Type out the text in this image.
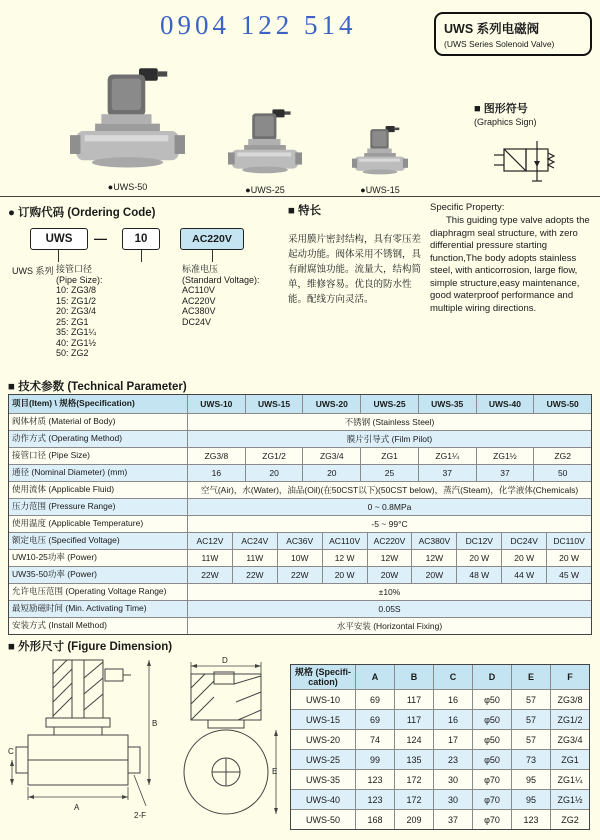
0904 122 514	UWS 系列电磁阀
(UWS Series Solenoid Valve)
●UWS-50	●UWS-25	●UWS-15
■ 图形符号
(Graphics Sign)
● 订购代码 (Ordering Code)
UWS	—	10	AC220V
UWS 系列 接管口径
(Pipe Size):
10: ZG3/8
15: ZG1/2
20: ZG3/4
25: ZG1
35: ZG1¼
40: ZG1½
50: ZG2
标准电压
(Standard Voltage):
AC110V
AC220V
AC380V
DC24V
■ 特长
采用膜片密封结构，具有零压差起动功能。阀体采用不锈钢，具有耐腐蚀功能。流量大，结构简单，维修容易。优良的防水性能。配线方向灵活。
Specific Property:
This guiding type valve adopts the diaphragm seal structure, with zero differential pressure starting function,The body adopts stainless steel, with anticorrosion, large flow, simple structure,easy maintenance, good waterproof performance and multiple wiring directions.
■ 技术参数 (Technical Parameter)
项目(Item) \ 规格(Specification)	UWS-10	UWS-15	UWS-20	UWS-25	UWS-35	UWS-40	UWS-50
阀体材质 (Material of Body)	不锈钢 (Stainless Steel)
动作方式 (Operating Method)	膜片引导式 (Film Pilot)
接管口径 (Pipe Size)	ZG3/8	ZG1/2	ZG3/4	ZG1	ZG1¼	ZG1½	ZG2
通径 (Nominal Diameter) (mm)	16	20	20	25	37	37	50
使用流体 (Applicable Fluid)	空气(Air)，水(Water)，油品(Oil)(在50CST以下)(50CST below)，蒸汽(Steam)，化学液体(Chemicals)
压力范围 (Pressure Range)	0 ~ 0.8MPa
使用温度 (Applicable Temperature)	-5 ~ 99°C
额定电压 (Specified Voltage)	AC12V	AC24V	AC36V	AC110V	AC220V	AC380V	DC12V	DC24V	DC110V
UW10-25功率 (Power)	11W	11W	10W	12 W	12W	12W	20 W	20 W	20 W
UW35-50功率 (Power)	22W	22W	22W	20 W	20W	20W	48 W	44 W	45 W
允许电压范围 (Operating Voltage Range)	±10%
最短励磁时间 (Min. Activating Time)	0.05S
安装方式 (Install Method)	水平安装 (Horizontal Fixing)
■ 外形尺寸 (Figure Dimension)
B
C
A
2-F
D
E
规格 (Specifi- cation)	A	B	C	D	E	F
UWS-10	69	117	16	φ50	57	ZG3/8
UWS-15	69	117	16	φ50	57	ZG1/2
UWS-20	74	124	17	φ50	57	ZG3/4
UWS-25	99	135	23	φ50	73	ZG1
UWS-35	123	172	30	φ70	95	ZG1¼
UWS-40	123	172	30	φ70	95	ZG1½
UWS-50	168	209	37	φ70	123	ZG2
